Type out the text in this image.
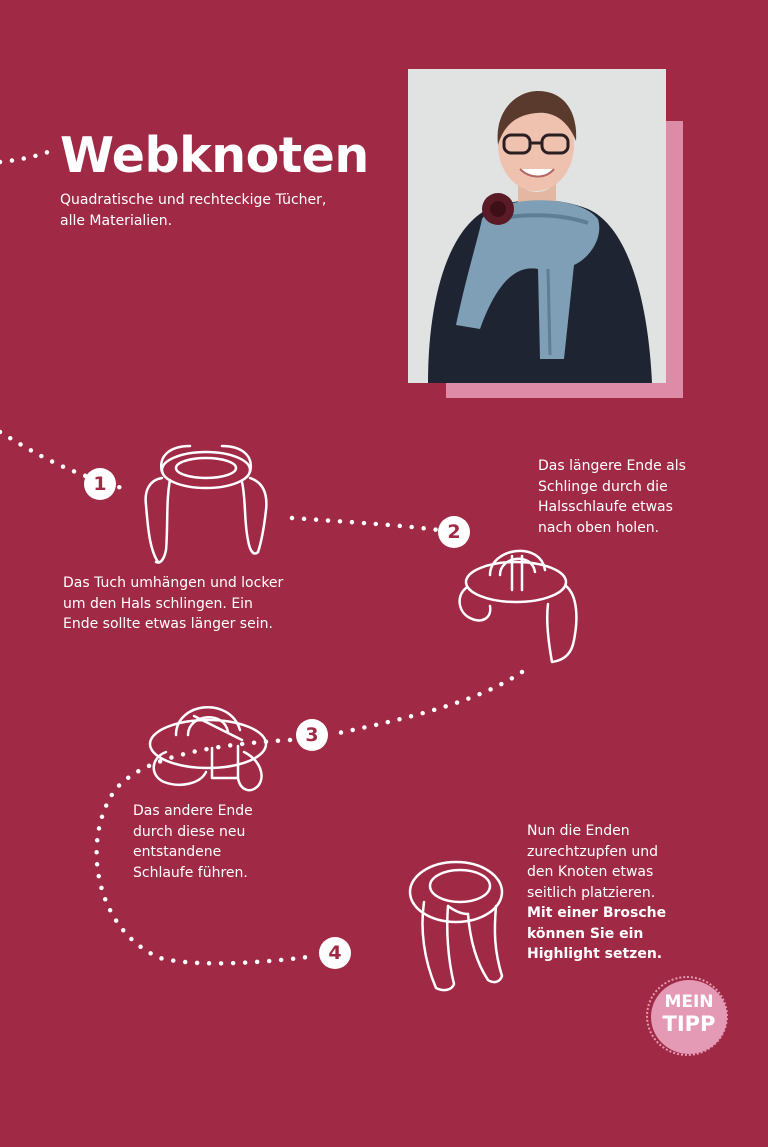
Webknoten

Quadratische und rechteckige Tücher,
alle Materialien.

1
2
3
4

Das Tuch umhängen und locker
um den Hals schlingen. Ein
Ende sollte etwas länger sein.

Das längere Ende als
Schlinge durch die
Halsschlaufe etwas
nach oben holen.

Das andere Ende
durch diese neu
entstandene
Schlaufe führen.

Nun die Enden
zurechtzupfen und
den Knoten etwas
seitlich platzieren.
Mit einer Brosche
können Sie ein
Highlight setzen.

MEIN
TIPP
